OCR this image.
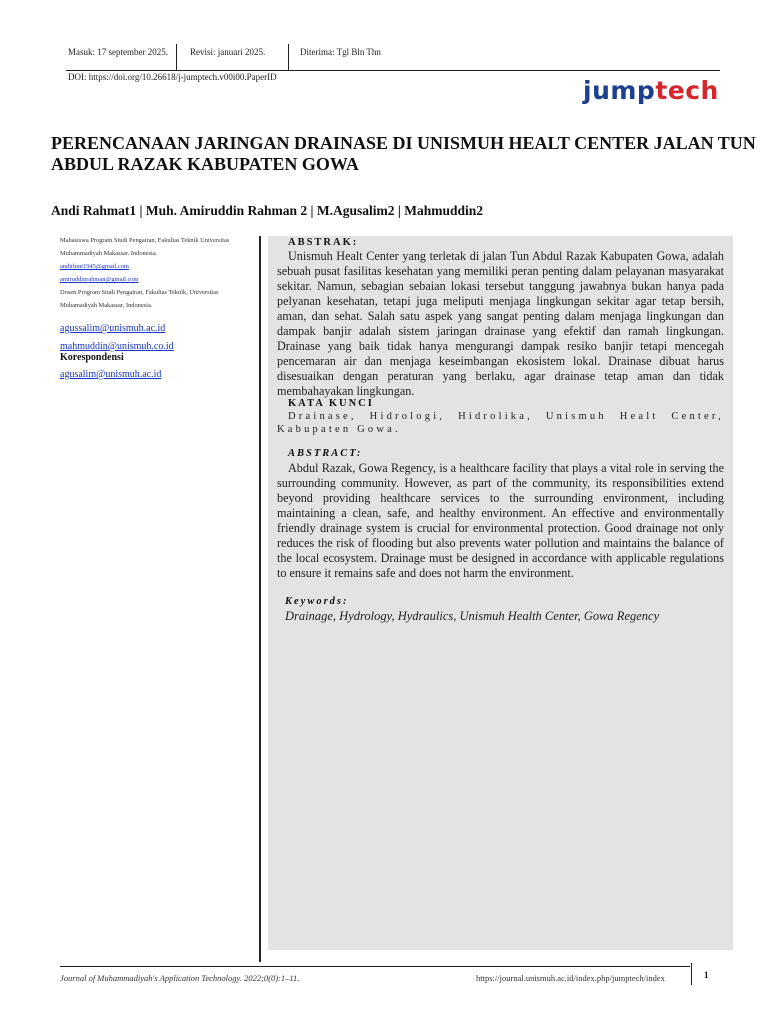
Masuk: 17 september 2025.	Revisi: januari 2025.	Diterima: Tgl Bln Thn
DOI: https://doi.org/10.26618/j-jumptech.v00i00.PaperID	jumptech
PERENCANAAN JARINGAN DRAINASE DI UNISMUH HEALT CENTER JALAN TUN ABDUL RAZAK KABUPATEN GOWA
Andi Rahmat1 | Muh. Amiruddin Rahman 2 | M.Agusalim2 | Mahmuddin2
Mahasiswa Program Studi Pengairan, Fakultas Teknik Universitas Muhammadiyah Makassar. Indonesia.
andirhmt1945@gmail.com
amiruddinrahman@gmail.com
Dosen Program Studi Pengairan, Fakultas Teknik, Universitas Muhamadiyah Makassar, Indonesia.
agussalim@unismuh.ac.id
mahmuddin@unismuh.co.id
Korespondensi
agusalim@unismuh.ac.id
ABSTRAK:
Unismuh Healt Center yang terletak di jalan Tun Abdul Razak Kabupaten Gowa, adalah sebuah pusat fasilitas kesehatan yang memiliki peran penting dalam pelayanan masyarakat sekitar. Namun, sebagian sebaian lokasi tersebut tanggung jawabnya bukan hanya pada pelyanan kesehatan, tetapi juga meliputi menjaga lingkungan sekitar agar tetap bersih, aman, dan sehat. Salah satu aspek yang sangat penting dalam menjaga lingkungan dan dampak banjir adalah sistem jaringan drainase yang efektif dan ramah lingkungan. Drainase yang baik tidak hanya mengurangi dampak resiko banjir tetapi mencegah pencemaran air dan menjaga keseimbangan ekosistem lokal. Drainase dibuat harus disesuaikan dengan peraturan yang berlaku, agar drainase tetap aman dan tidak membahayakan lingkungan.
KATA KUNCI
Drainase, Hidrologi, Hidrolika, Unismuh Healt Center, Kabupaten Gowa.
ABSTRACT:
Abdul Razak, Gowa Regency, is a healthcare facility that plays a vital role in serving the surrounding community. However, as part of the community, its responsibilities extend beyond providing healthcare services to the surrounding environment, including maintaining a clean, safe, and healthy environment. An effective and environmentally friendly drainage system is crucial for environmental protection. Good drainage not only reduces the risk of flooding but also prevents water pollution and maintains the balance of the local ecosystem. Drainage must be designed in accordance with applicable regulations to ensure it remains safe and does not harm the environment.
Keywords:
Drainage, Hydrology, Hydraulics, Unismuh Health Center, Gowa Regency
Journal of Muhammadiyah's Application Technology. 2022;0(0):1–11.	https://journal.unismuh.ac.id/index.php/jumptech/index	1
